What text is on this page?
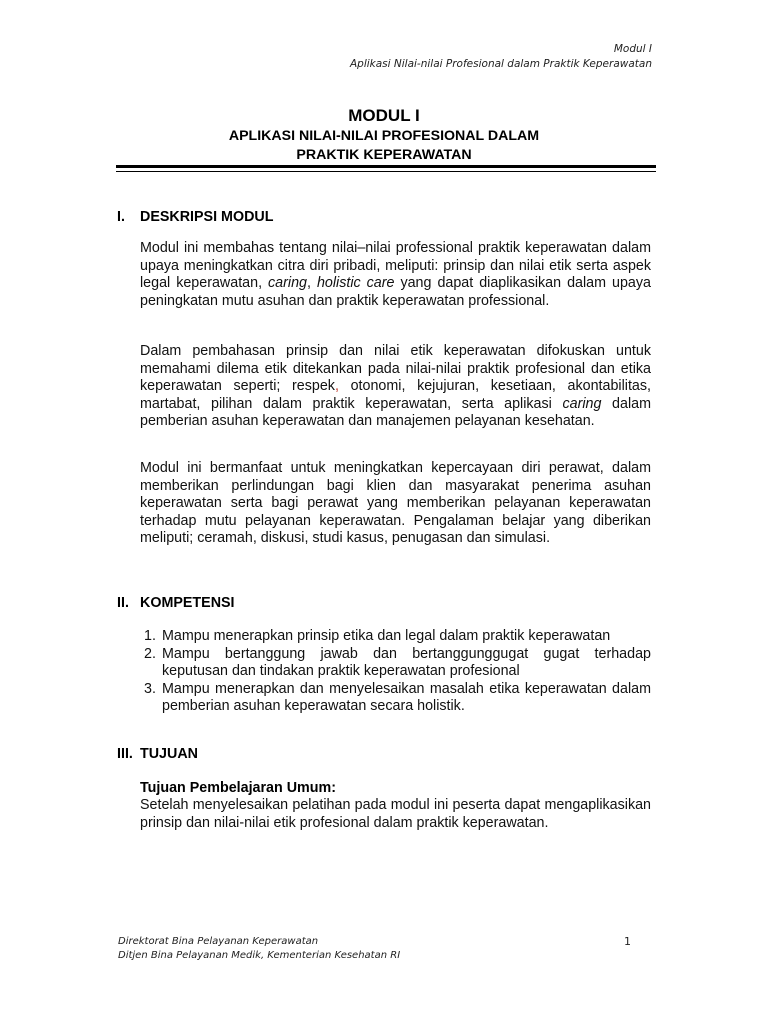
Modul I
Aplikasi Nilai-nilai Profesional dalam Praktik Keperawatan
MODUL I
APLIKASI NILAI-NILAI PROFESIONAL DALAM
PRAKTIK KEPERAWATAN
I. DESKRIPSI MODUL

Modul ini membahas tentang nilai–nilai professional praktik keperawatan dalam upaya meningkatkan citra diri pribadi, meliputi: prinsip dan nilai etik serta aspek legal keperawatan, caring, holistic care yang dapat diaplikasikan dalam upaya peningkatan mutu asuhan dan praktik keperawatan professional.

Dalam pembahasan prinsip dan nilai etik keperawatan difokuskan untuk memahami dilema etik ditekankan pada nilai-nilai praktik profesional dan etika keperawatan seperti; respek, otonomi, kejujuran, kesetiaan, akontabilitas, martabat, pilihan dalam praktik keperawatan, serta aplikasi caring dalam pemberian asuhan keperawatan dan manajemen pelayanan kesehatan.

Modul ini bermanfaat untuk meningkatkan kepercayaan diri perawat, dalam memberikan perlindungan bagi klien dan masyarakat penerima asuhan keperawatan serta bagi perawat yang memberikan pelayanan keperawatan terhadap mutu pelayanan keperawatan. Pengalaman belajar yang diberikan meliputi; ceramah, diskusi, studi kasus, penugasan dan simulasi.

II. KOMPETENSI
1. Mampu menerapkan prinsip etika dan legal dalam praktik keperawatan
2. Mampu bertanggung jawab dan bertanggunggugat gugat terhadap keputusan dan tindakan praktik keperawatan profesional
3. Mampu menerapkan dan menyelesaikan masalah etika keperawatan dalam pemberian asuhan keperawatan secara holistik.
III. TUJUAN
Tujuan Pembelajaran Umum:

Setelah menyelesaikan pelatihan pada modul ini peserta dapat mengaplikasikan prinsip dan nilai-nilai etik profesional dalam praktik keperawatan.

Direktorat Bina Pelayanan Keperawatan
Ditjen Bina Pelayanan Medik, Kementerian Kesehatan RI
1
